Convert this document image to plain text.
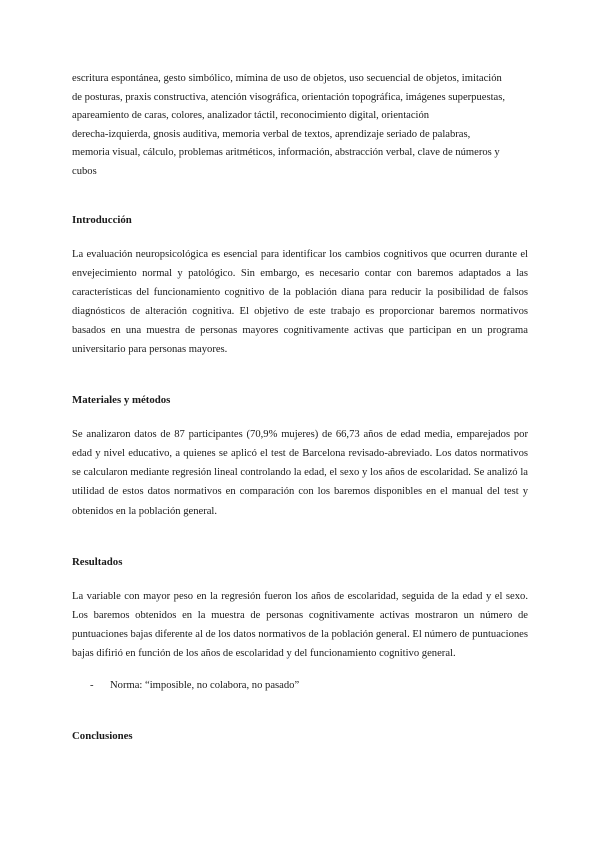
escritura espontánea, gesto simbólico, mímina de uso de objetos, uso secuencial de objetos, imitación

de posturas, praxis constructiva, atención visográfica, orientación topográfica, imágenes superpuestas,

apareamiento de caras, colores, analizador táctil, reconocimiento digital, orientación

derecha-izquierda, gnosis auditiva, memoria verbal de textos, aprendizaje seriado de palabras,

memoria visual, cálculo, problemas aritméticos, información, abstracción verbal, clave de números y

cubos

Introducción

La evaluación neuropsicológica es esencial para identificar los cambios cognitivos que ocurren durante el envejecimiento normal y patológico. Sin embargo, es necesario contar con baremos adaptados a las características del funcionamiento cognitivo de la población diana para reducir la posibilidad de falsos diagnósticos de alteración cognitiva. El objetivo de este trabajo es proporcionar baremos normativos basados en una muestra de personas mayores cognitivamente activas que participan en un programa universitario para personas mayores.

Materiales y métodos

Se analizaron datos de 87 participantes (70,9% mujeres) de 66,73 años de edad media, emparejados por edad y nivel educativo, a quienes se aplicó el test de Barcelona revisado-abreviado. Los datos normativos se calcularon mediante regresión lineal controlando la edad, el sexo y los años de escolaridad. Se analizó la utilidad de estos datos normativos en comparación con los baremos disponibles en el manual del test y obtenidos en la población general.

Resultados

La variable con mayor peso en la regresión fueron los años de escolaridad, seguida de la edad y el sexo. Los baremos obtenidos en la muestra de personas cognitivamente activas mostraron un número de puntuaciones bajas diferente al de los datos normativos de la población general. El número de puntuaciones bajas difirió en función de los años de escolaridad y del funcionamiento cognitivo general.

- Norma: “imposible, no colabora, no pasado”
Conclusiones
